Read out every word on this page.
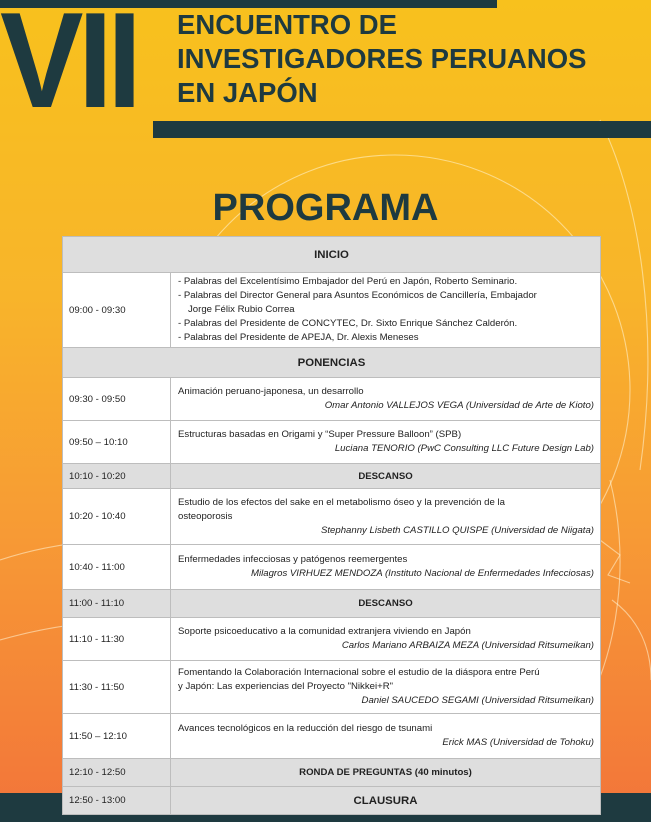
VII	ENCUENTRO DE
INVESTIGADORES PERUANOS
EN JAPÓN
PROGRAMA
INICIO	
09:00 - 09:30	- Palabras del Excelentísimo Embajador del Perú en Japón, Roberto Seminario.
- Palabras del Director General para Asuntos Económicos de Cancillería, Embajador
Jorge Félix Rubio Correa
- Palabras del Presidente de CONCYTEC, Dr. Sixto Enrique Sánchez Calderón.
- Palabras del Presidente de APEJA, Dr. Alexis Meneses

PONENCIAS	
09:30 - 09:50	Animación peruano-japonesa, un desarrollo
Omar Antonio VALLEJOS VEGA (Universidad de Arte de Kioto)

09:50 – 10:10	Estructuras basadas en Origami y “Super Pressure Balloon” (SPB)
Luciana TENORIO (PwC Consulting LLC Future Design Lab)

10:10 - 10:20	DESCANSO
10:20 - 10:40	Estudio de los efectos del sake en el metabolismo óseo y la prevención de la
osteoporosis
Stephanny Lisbeth CASTILLO QUISPE (Universidad de Niigata)

10:40 - 11:00	Enfermedades infecciosas y patógenos reemergentes
Milagros VIRHUEZ MENDOZA (Instituto Nacional de Enfermedades Infecciosas)

11:00 - 11:10	DESCANSO
11:10 - 11:30	Soporte psicoeducativo a la comunidad extranjera viviendo en Japón
Carlos Mariano ARBAIZA MEZA (Universidad Ritsumeikan)

11:30 - 11:50	Fomentando la Colaboración Internacional sobre el estudio de la diáspora entre Perú
y Japón: Las experiencias del Proyecto "Nikkei+R"
Daniel SAUCEDO SEGAMI (Universidad Ritsumeikan)

11:50 – 12:10	Avances tecnológicos en la reducción del riesgo de tsunami
Erick MAS (Universidad de Tohoku)

12:10 - 12:50	RONDA DE PREGUNTAS (40 minutos)
12:50 - 13:00	CLAUSURA
